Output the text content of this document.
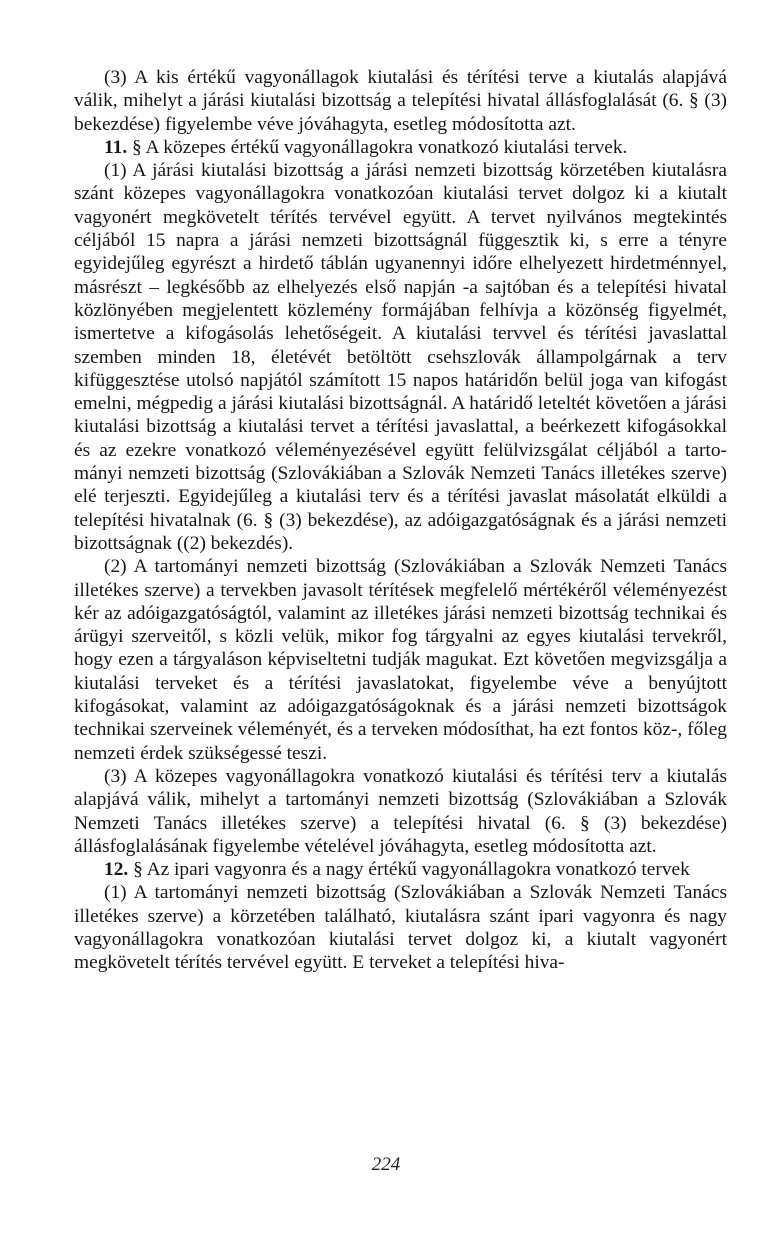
(3) A kis értékű vagyonállagok kiutalási és térítési terve a kiutalás alapjává válik, mihelyt a járási kiutalási bizottság a telepítési hivatal állásfoglalását (6. § (3) bekezdése) figyelembe véve jóváhagyta, esetleg módosította azt.

11. § A közepes értékű vagyonállagokra vonatkozó kiutalási tervek.

(1) A járási kiutalási bizottság a járási nemzeti bizottság körzetében kiutalásra szánt közepes vagyonállagokra vonatkozóan kiutalási tervet dolgoz ki a kiutalt vagyonért megkövetelt térítés tervével együtt. A tervet nyilvános megtekintés céljából 15 napra a járási nemzeti bizottságnál függesztik ki, s erre a tényre egyidejűleg egyrészt a hirdető táblán ugyanennyi időre elhelyezett hirdetménnyel, másrészt – legkésőbb az elhelyezés első napján -a sajtóban és a telepítési hivatal közlönyében megjelentett közlemény formájában felhívja a közönség figyelmét, ismertetve a kifogásolás lehetőségeit. A kiutalási tervvel és térítési javaslattal szemben minden 18, életévét betöltött csehszlovák állampolgárnak a terv kifüggesztése utolsó napjától számított 15 napos határidőn belül joga van kifogást emelni, mégpedig a járási kiutalási bizottságnál. A határidő leteltét követően a járási kiutalási bizottság a kiutalási tervet a térítési javaslattal, a beérkezett kifogásokkal és az ezekre vonatkozó véleményezésével együtt felülvizsgálat céljából a tartományi nemzeti bizottság (Szlovákiában a Szlovák Nemzeti Tanács illetékes szerve) elé terjeszti. Egyidejűleg a kiutalási terv és a térítési javaslat másolatát elküldi a telepítési hivatalnak (6. § (3) bekezdése), az adóigazgatóságnak és a járási nemzeti bizottságnak ((2) bekezdés).

(2) A tartományi nemzeti bizottság (Szlovákiában a Szlovák Nemzeti Tanács illetékes szerve) a tervekben javasolt térítések megfelelő mértékéről véleményezést kér az adóigazgatóságtól, valamint az illetékes járási nemzeti bizottság technikai és árügyi szerveitől, s közli velük, mikor fog tárgyalni az egyes kiutalási tervekről, hogy ezen a tárgyaláson képviseltetni tudják magukat. Ezt követően megvizsgálja a kiutalási terveket és a térítési javaslatokat, figyelembe véve a benyújtott kifogásokat, valamint az adóigazgatóságoknak és a járási nemzeti bizottságok technikai szerveinek véleményét, és a terveken módosíthat, ha ezt fontos köz-, főleg nemzeti érdek szükségessé teszi.

(3) A közepes vagyonállagokra vonatkozó kiutalási és térítési terv a kiutalás alapjává válik, mihelyt a tartományi nemzeti bizottság (Szlovákiában a Szlovák Nemzeti Tanács illetékes szerve) a telepítési hivatal (6. § (3) bekezdése) állásfoglalásának figyelembe vételével jóváhagyta, esetleg módosította azt.

12. § Az ipari vagyonra és a nagy értékű vagyonállagokra vonatkozó tervek

(1) A tartományi nemzeti bizottság (Szlovákiában a Szlovák Nemzeti Tanács illetékes szerve) a körzetében található, kiutalásra szánt ipari vagyonra és nagy vagyonállagokra vonatkozóan kiutalási tervet dolgoz ki, a kiutalt vagyonért megkövetelt térítés tervével együtt. E terveket a telepítési hiva-

224
